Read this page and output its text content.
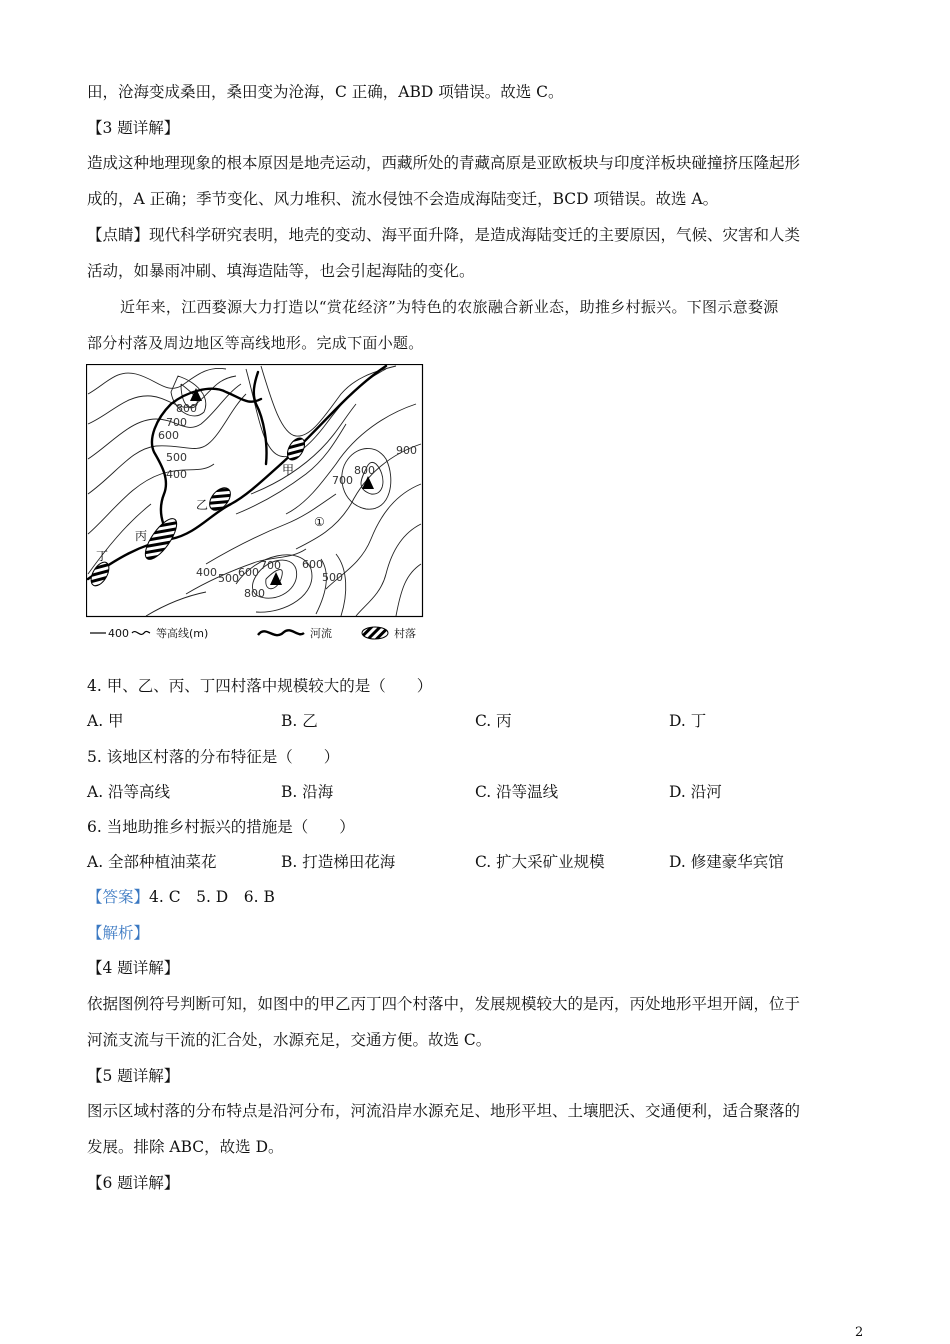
田，沧海变成桑田，桑田变为沧海，C 正确，ABD 项错误。故选 C。
【3 题详解】
造成这种地理现象的根本原因是地壳运动，西藏所处的青藏高原是亚欧板块与印度洋板块碰撞挤压隆起形
成的，A 正确；季节变化、风力堆积、流水侵蚀不会造成海陆变迁，BCD 项错误。故选 A。
【点睛】现代科学研究表明，地壳的变动、海平面升降，是造成海陆变迁的主要原因，气候、灾害和人类
活动，如暴雨冲刷、填海造陆等，也会引起海陆的变化。
近年来，江西婺源大力打造以“赏花经济”为特色的农旅融合新业态，助推乡村振兴。下图示意婺源
部分村落及周边地区等高线地形。完成下面小题。
800
700
600
500
400
900
800
700
400 500 600
700 600
500
800
甲
乙
丙
丁
①
400 等高线(m)	河流	村落
4. 甲、乙、丙、丁四村落中规模较大的是（　　）
A. 甲	B. 乙	C. 丙	D. 丁
5. 该地区村落的分布特征是（　　）
A. 沿等高线	B. 沿海	C. 沿等温线	D. 沿河
6. 当地助推乡村振兴的措施是（　　）
A. 全部种植油菜花	B. 打造梯田花海	C. 扩大采矿业规模	D. 修建豪华宾馆
【答案】4. C　5. D　6. B
【解析】
【4 题详解】
依据图例符号判断可知，如图中的甲乙丙丁四个村落中，发展规模较大的是丙，丙处地形平坦开阔，位于
河流支流与干流的汇合处，水源充足，交通方便。故选 C。
【5 题详解】
图示区域村落的分布特点是沿河分布，河流沿岸水源充足、地形平坦、土壤肥沃、交通便利，适合聚落的
发展。排除 ABC，故选 D。
【6 题详解】
2
